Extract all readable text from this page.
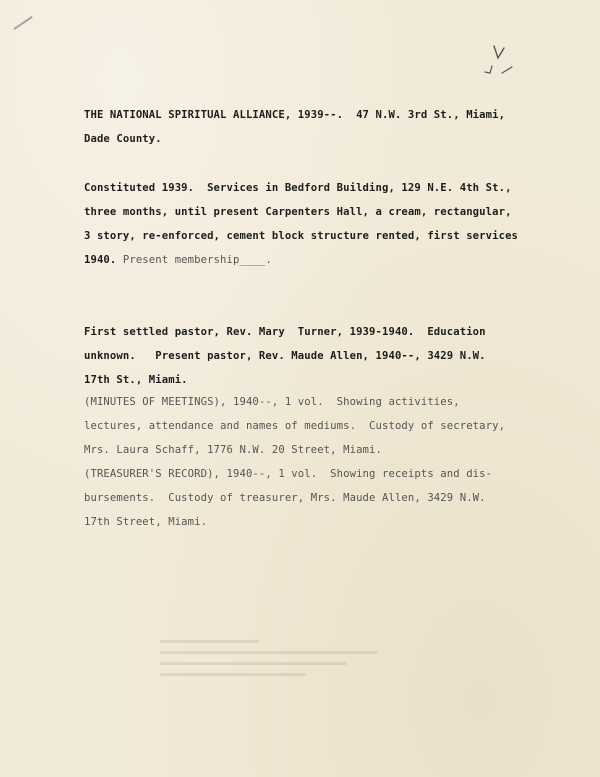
THE NATIONAL SPIRITUAL ALLIANCE, 1939--.  47 N.W. 3rd St., Miami,

Dade County.

Constituted 1939.  Services in Bedford Building, 129 N.E. 4th St.,

three months, until present Carpenters Hall, a cream, rectangular,

3 story, re-enforced, cement block structure rented, first services

1940. Present membership____.

First settled pastor, Rev. Mary  Turner, 1939-1940.  Education

unknown.   Present pastor, Rev. Maude Allen, 1940--, 3429 N.W.

17th St., Miami.

(MINUTES OF MEETINGS), 1940--, 1 vol.  Showing activities,

lectures, attendance and names of mediums.  Custody of secretary,

Mrs. Laura Schaff, 1776 N.W. 20 Street, Miami.

(TREASURER'S RECORD), 1940--, 1 vol.  Showing receipts and dis-

bursements.  Custody of treasurer, Mrs. Maude Allen, 3429 N.W.

17th Street, Miami.
